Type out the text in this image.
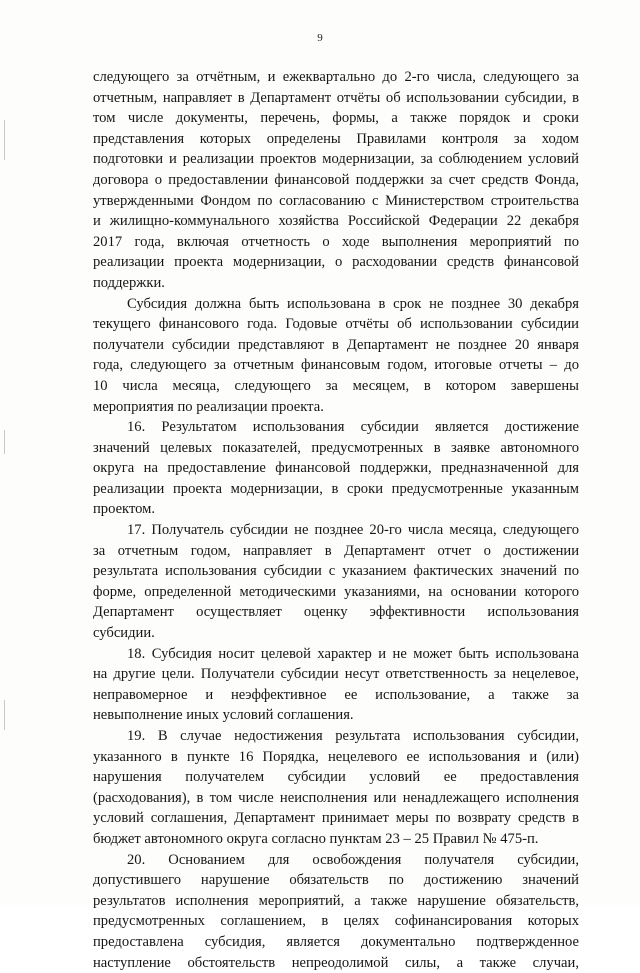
9
следующего за отчётным, и ежеквартально до 2-го числа, следующего за
отчетным, направляет в Департамент отчёты об использовании субсидии, в
том числе документы, перечень, формы, а также порядок и сроки
представления которых определены Правилами контроля за ходом
подготовки и реализации проектов модернизации, за соблюдением условий
договора о предоставлении финансовой поддержки за счет средств Фонда,
утвержденными Фондом по согласованию с Министерством строительства
и жилищно-коммунального хозяйства Российской Федерации 22 декабря
2017 года, включая отчетность о ходе выполнения мероприятий по
реализации проекта модернизации, о расходовании средств финансовой
поддержки.
Субсидия должна быть использована в срок не позднее 30 декабря
текущего финансового года. Годовые отчёты об использовании субсидии
получатели субсидии представляют в Департамент не позднее 20 января
года, следующего за отчетным финансовым годом, итоговые отчеты – до
10 числа месяца, следующего за месяцем, в котором завершены
мероприятия по реализации проекта.
16. Результатом использования субсидии является достижение
значений целевых показателей, предусмотренных в заявке автономного
округа на предоставление финансовой поддержки, предназначенной для
реализации проекта модернизации, в сроки предусмотренные указанным
проектом.
17. Получатель субсидии не позднее 20-го числа месяца, следующего
за отчетным годом, направляет в Департамент отчет о достижении
результата использования субсидии с указанием фактических значений по
форме, определенной методическими указаниями, на основании которого
Департамент осуществляет оценку эффективности использования
субсидии.
18. Субсидия носит целевой характер и не может быть использована
на другие цели. Получатели субсидии несут ответственность за нецелевое,
неправомерное и неэффективное ее использование, а также за
невыполнение иных условий соглашения.
19. В случае недостижения результата использования субсидии,
указанного в пункте 16 Порядка, нецелевого ее использования и (или)
нарушения получателем субсидии условий ее предоставления
(расходования), в том числе неисполнения или ненадлежащего исполнения
условий соглашения, Департамент принимает меры по возврату средств в
бюджет автономного округа согласно пунктам 23 – 25 Правил № 475-п.
20. Основанием для освобождения получателя субсидии,
допустившего нарушение обязательств по достижению значений
результатов исполнения мероприятий, а также нарушение обязательств,
предусмотренных соглашением, в целях софинансирования которых
предоставлена субсидия, является документально подтвержденное
наступление обстоятельств непреодолимой силы, а также случаи,
